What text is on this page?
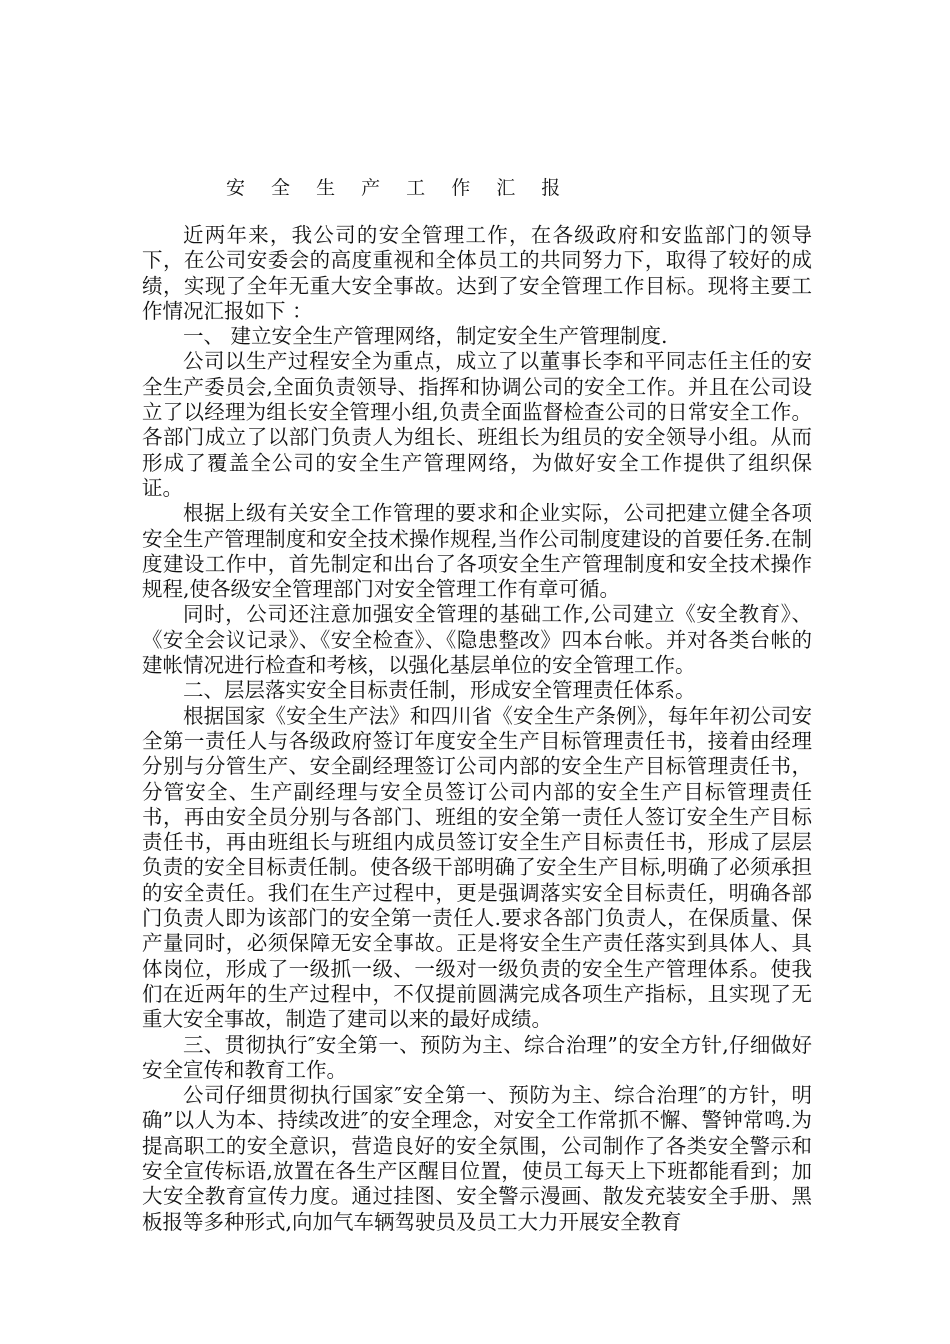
安 全 生 产 工 作 汇 报

近两年来，我公司的安全管理工作，在各级政府和安监部门的领导下，在公司安委会的高度重视和全体员工的共同努力下，取得了较好的成绩，实现了全年无重大安全事故。达到了安全管理工作目标。现将主要工作情况汇报如下 ：

一、 建立安全生产管理网络，制定安全生产管理制度.

公司以生产过程安全为重点，成立了以董事长李和平同志任主任的安全生产委员会,全面负责领导、指挥和协调公司的安全工作。并且在公司设立了以经理为组长安全管理小组,负责全面监督检查公司的日常安全工作。各部门成立了以部门负责人为组长、班组长为组员的安全领导小组。从而形成了覆盖全公司的安全生产管理网络，为做好安全工作提供了组织保证。

根据上级有关安全工作管理的要求和企业实际，公司把建立健全各项安全生产管理制度和安全技术操作规程,当作公司制度建设的首要任务.在制度建设工作中，首先制定和出台了各项安全生产管理制度和安全技术操作规程,使各级安全管理部门对安全管理工作有章可循。

同时，公司还注意加强安全管理的基础工作,公司建立《安全教育》、《安全会议记录》、《安全检查》、《隐患整改》四本台帐。并对各类台帐的建帐情况进行检查和考核，以强化基层单位的安全管理工作。

二、层层落实安全目标责任制，形成安全管理责任体系。

根据国家《安全生产法》和四川省《安全生产条例》，每年年初公司安全第一责任人与各级政府签订年度安全生产目标管理责任书，接着由经理分别与分管生产、安全副经理签订公司内部的安全生产目标管理责任书，分管安全、生产副经理与安全员签订公司内部的安全生产目标管理责任书，再由安全员分别与各部门、班组的安全第一责任人签订安全生产目标责任书，再由班组长与班组内成员签订安全生产目标责任书，形成了层层负责的安全目标责任制。使各级干部明确了安全生产目标,明确了必须承担的安全责任。我们在生产过程中，更是强调落实安全目标责任，明确各部门负责人即为该部门的安全第一责任人.要求各部门负责人，在保质量、保产量同时，必须保障无安全事故。正是将安全生产责任落实到具体人、具体岗位，形成了一级抓一级、一级对一级负责的安全生产管理体系。使我们在近两年的生产过程中，不仅提前圆满完成各项生产指标，且实现了无重大安全事故，制造了建司以来的最好成绩。

三、贯彻执行″安全第一、预防为主、综合治理”的安全方针,仔细做好安全宣传和教育工作。

公司仔细贯彻执行国家″安全第一、预防为主、综合治理″的方针，明确”以人为本、持续改进″的安全理念，对安全工作常抓不懈、警钟常鸣.为提高职工的安全意识，营造良好的安全氛围，公司制作了各类安全警示和安全宣传标语,放置在各生产区醒目位置，使员工每天上下班都能看到；加大安全教育宣传力度。通过挂图、安全警示漫画、散发充装安全手册、黑板报等多种形式,向加气车辆驾驶员及员工大力开展安全教育
